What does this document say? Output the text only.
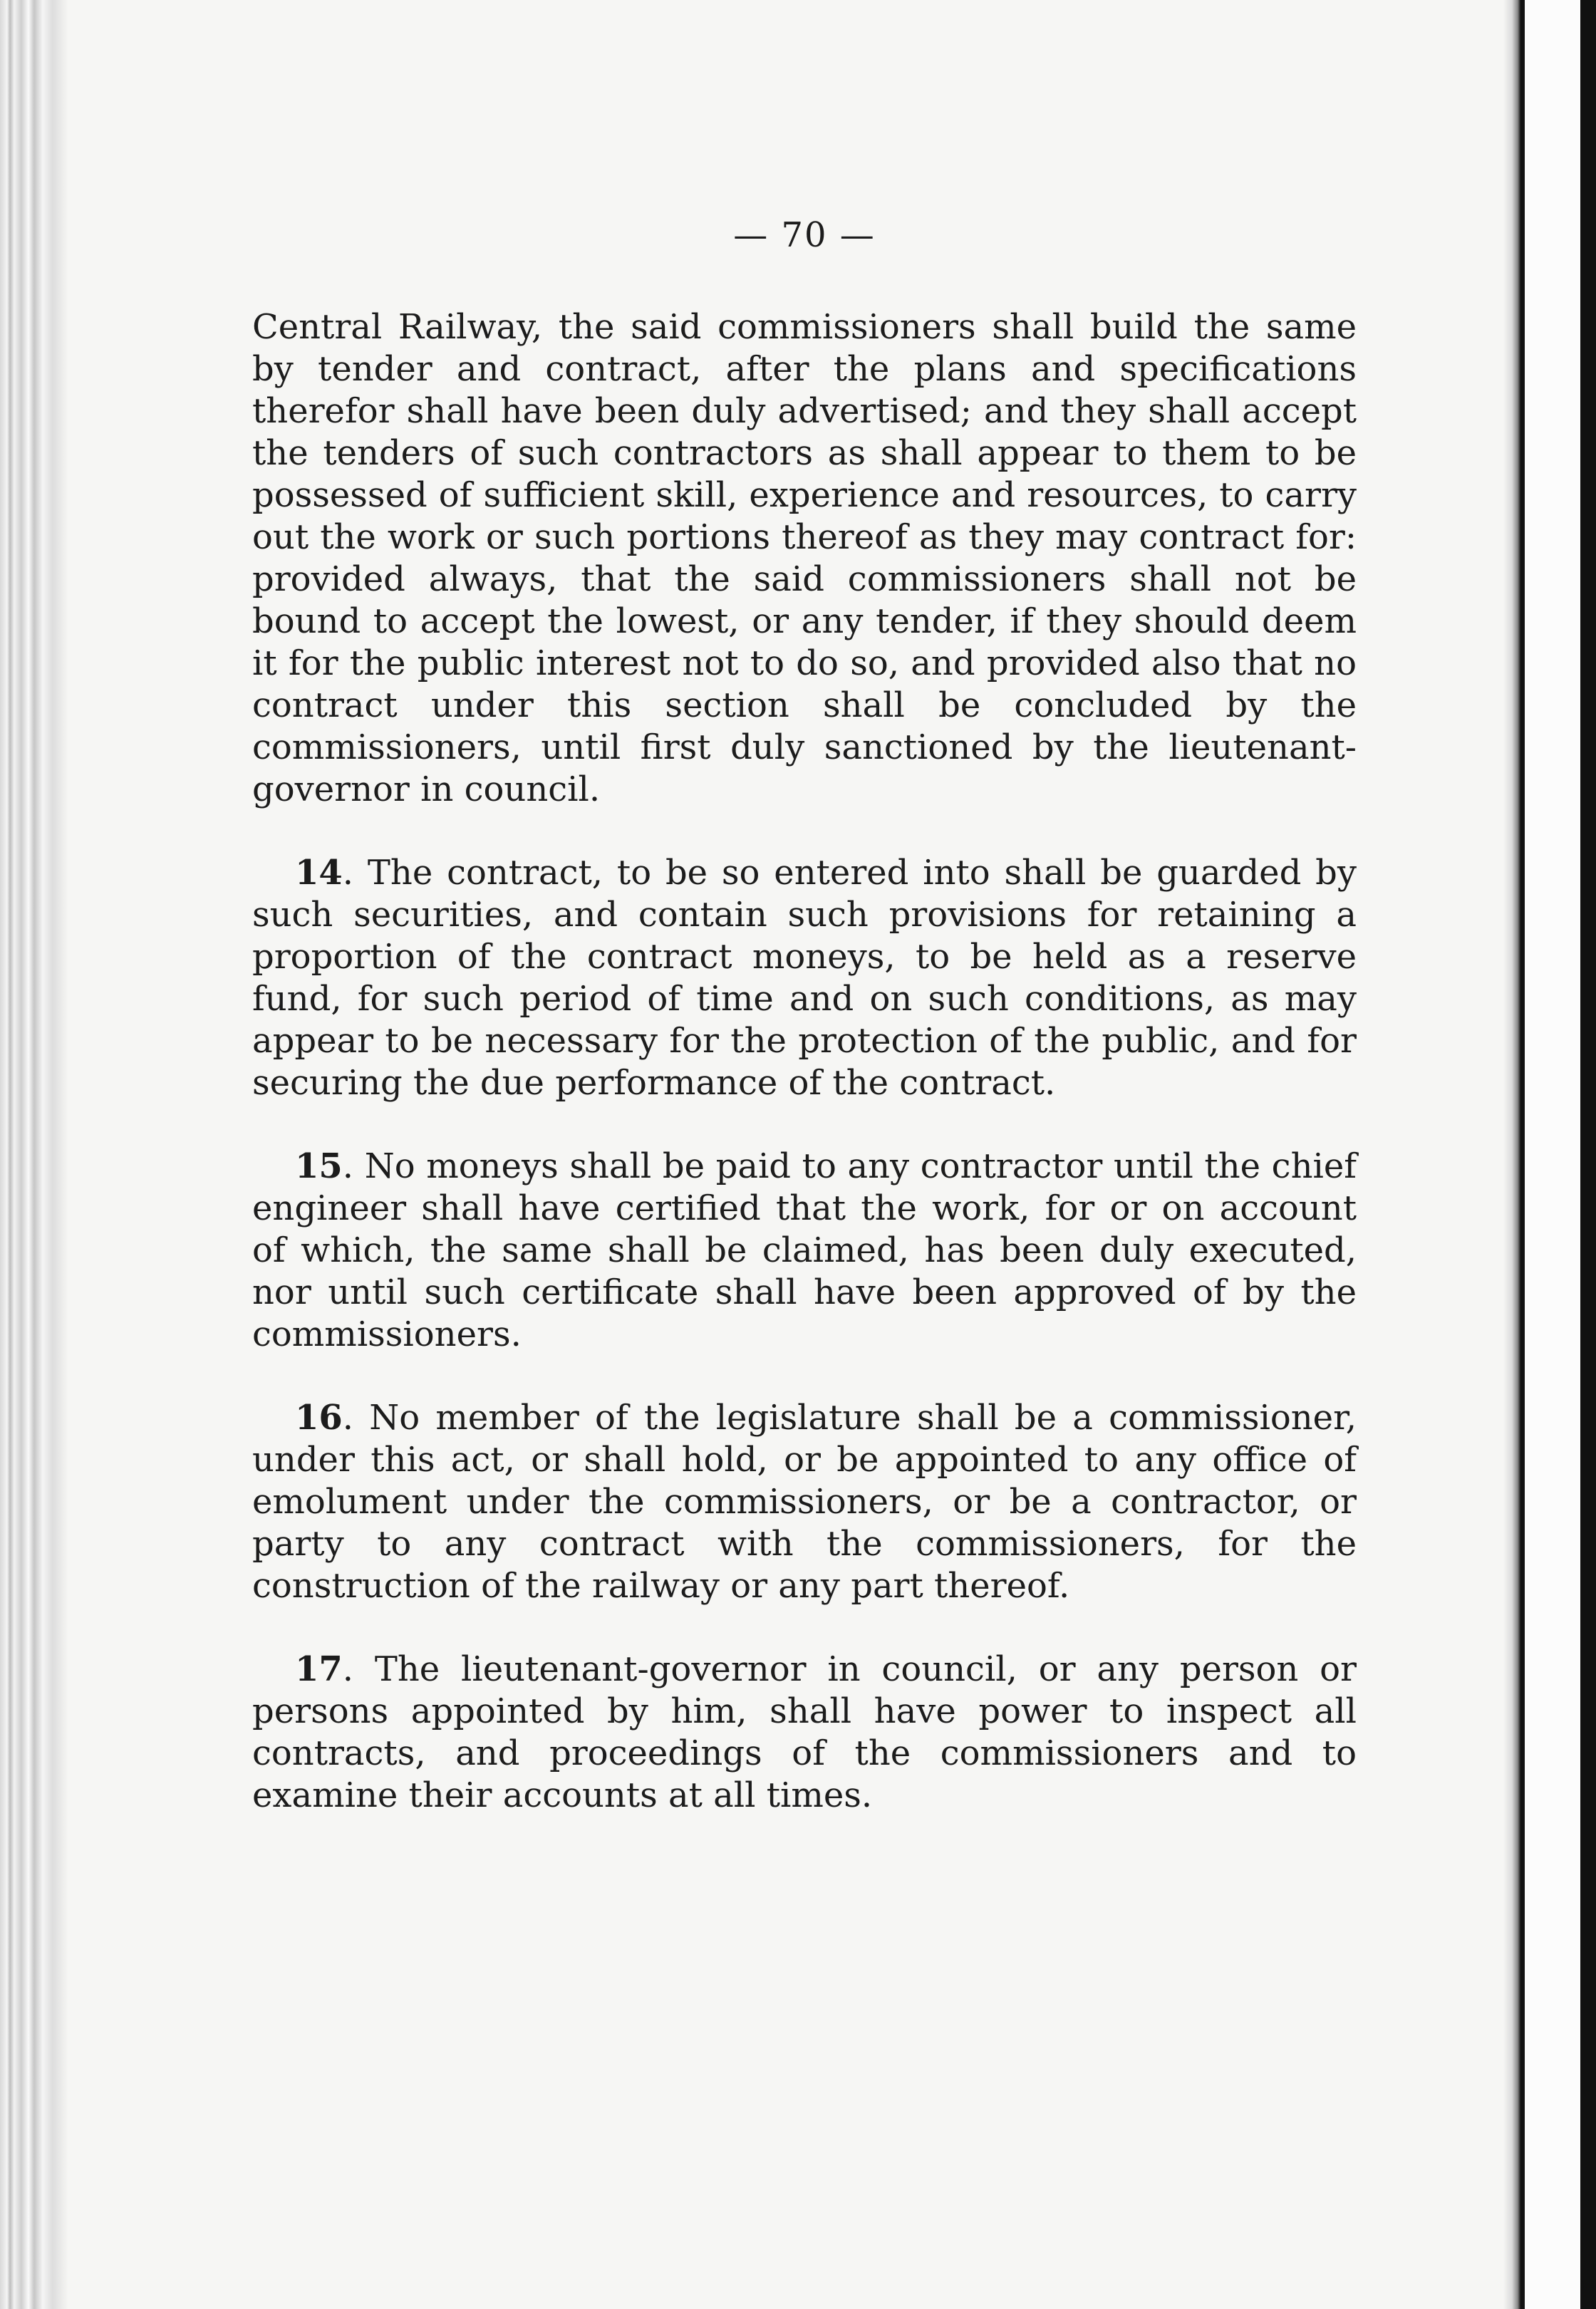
— 70 —

Central Railway, the said commissioners shall build the same by tender and contract, after the plans and specifications therefor shall have been duly advertised; and they shall accept the tenders of such contractors as shall appear to them to be possessed of sufficient skill, experience and resources, to carry out the work or such portions thereof as they may contract for: provided always, that the said commissioners shall not be bound to accept the lowest, or any tender, if they should deem it for the public interest not to do so, and provided also that no contract under this section shall be concluded by the commissioners, until first duly sanctioned by the lieutenant-governor in council.

14. The contract, to be so entered into shall be guarded by such securities, and contain such provisions for retaining a proportion of the contract moneys, to be held as a reserve fund, for such period of time and on such conditions, as may appear to be necessary for the protection of the public, and for securing the due performance of the contract.

15. No moneys shall be paid to any contractor until the chief engineer shall have certified that the work, for or on account of which, the same shall be claimed, has been duly executed, nor until such certificate shall have been approved of by the commissioners.

16. No member of the legislature shall be a commissioner, under this act, or shall hold, or be appointed to any office of emolument under the commissioners, or be a contractor, or party to any contract with the commissioners, for the construction of the railway or any part thereof.

17. The lieutenant-governor in council, or any person or persons appointed by him, shall have power to inspect all contracts, and proceedings of the commissioners and to examine their accounts at all times.
